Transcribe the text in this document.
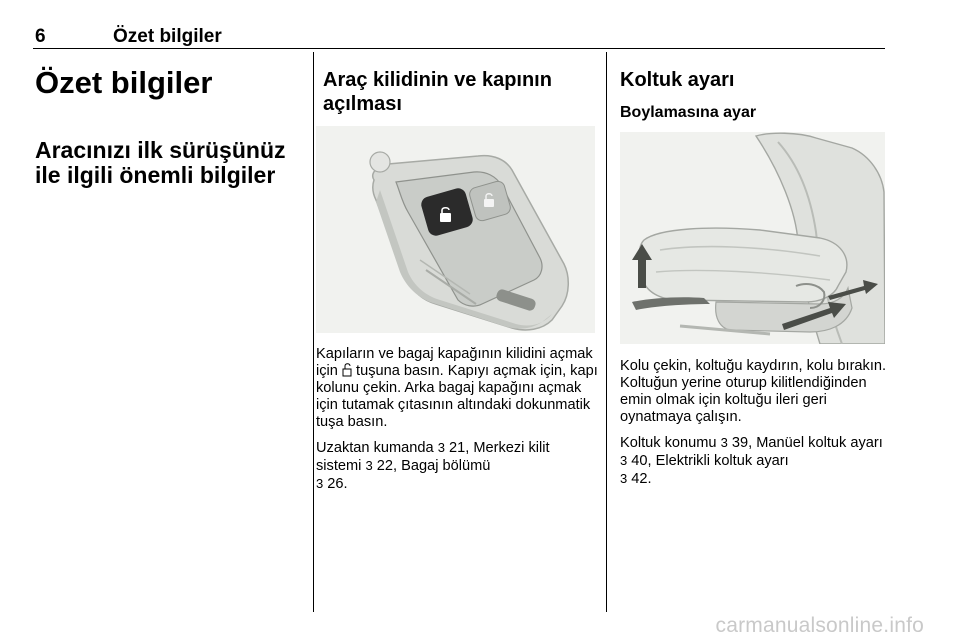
6	Özet bilgiler
Özet bilgiler
Aracınızı ilk sürüşünüz ile ilgili önemli bilgiler
Araç kilidinin ve kapının açılması

Kapıların ve bagaj kapağının kilidini açmak için tuşuna basın. Kapıyı açmak için, kapı kolunu çekin. Arka bagaj kapağını açmak için tutamak çıtasının altındaki dokunmatik tuşa basın.

Uzaktan kumanda 3 21, Merkezi kilit sistemi 3 22, Bagaj bölümü
3 26.

Koltuk ayarı
Boylamasına ayar

Kolu çekin, koltuğu kaydırın, kolu bırakın. Koltuğun yerine oturup kilitlendiğinden emin olmak için koltuğu ileri geri oynatmaya çalışın.

Koltuk konumu 3 39, Manüel koltuk ayarı 3 40, Elektrikli koltuk ayarı
3 42.

carmanualsonline.info
